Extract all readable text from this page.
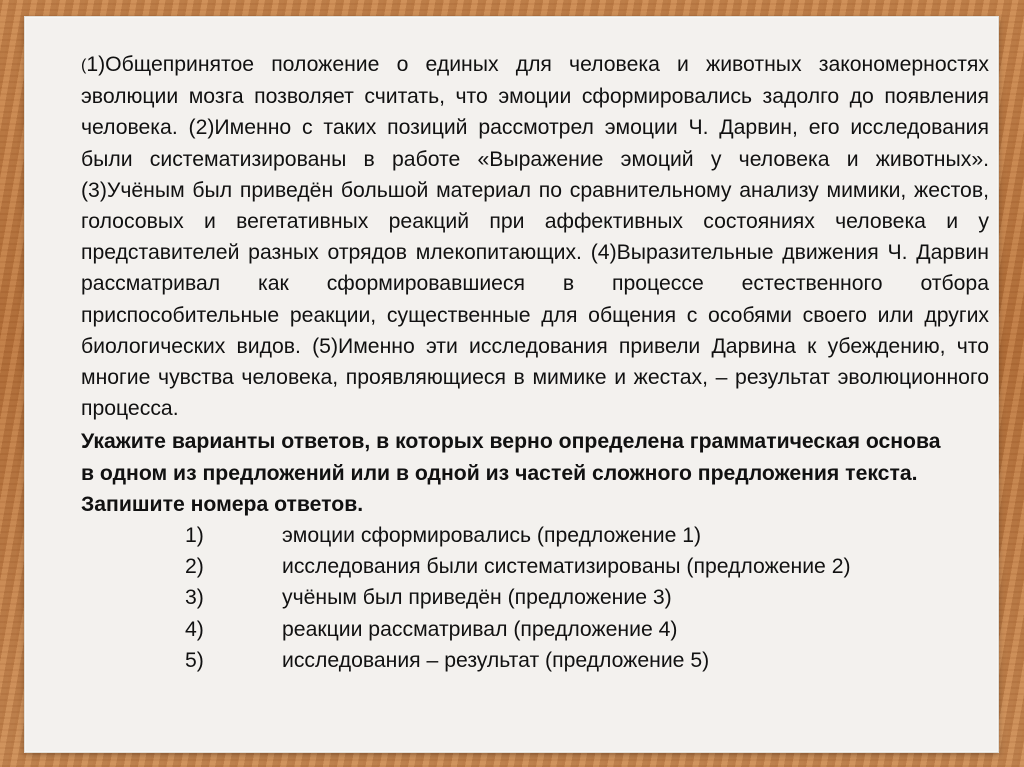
(1)Общепринятое положение о единых для человека и животных закономерностях эволюции мозга позволяет считать, что эмоции сформировались задолго до появления человека. (2)Именно с таких позиций рассмотрел эмоции Ч. Дарвин, его исследования были систематизированы в работе «Выражение эмоций у человека и животных». (3)Учёным был приведён большой материал по сравнительному анализу мимики, жестов, голосовых и вегетативных реакций при аффективных состояниях человека и у представителей разных отрядов млекопитающих. (4)Выразительные движения Ч. Дарвин рассматривал как сформировавшиеся в процессе естественного отбора приспособительные реакции, существенные для общения с особями своего или других биологических видов. (5)Именно эти исследования привели Дарвина к убеждению, что многие чувства человека, проявляющиеся в мимике и жестах, – результат эволюционного процесса.

Укажите варианты ответов, в которых верно определена грамматическая основа
в одном из предложений или в одной из частей сложного предложения текста.
Запишите номера ответов.
1)	эмоции сформировались (предложение 1)
2)	исследования были систематизированы (предложение 2)
3)	учёным был приведён (предложение 3)
4)	реакции рассматривал (предложение 4)
5)	исследования – результат (предложение 5)
